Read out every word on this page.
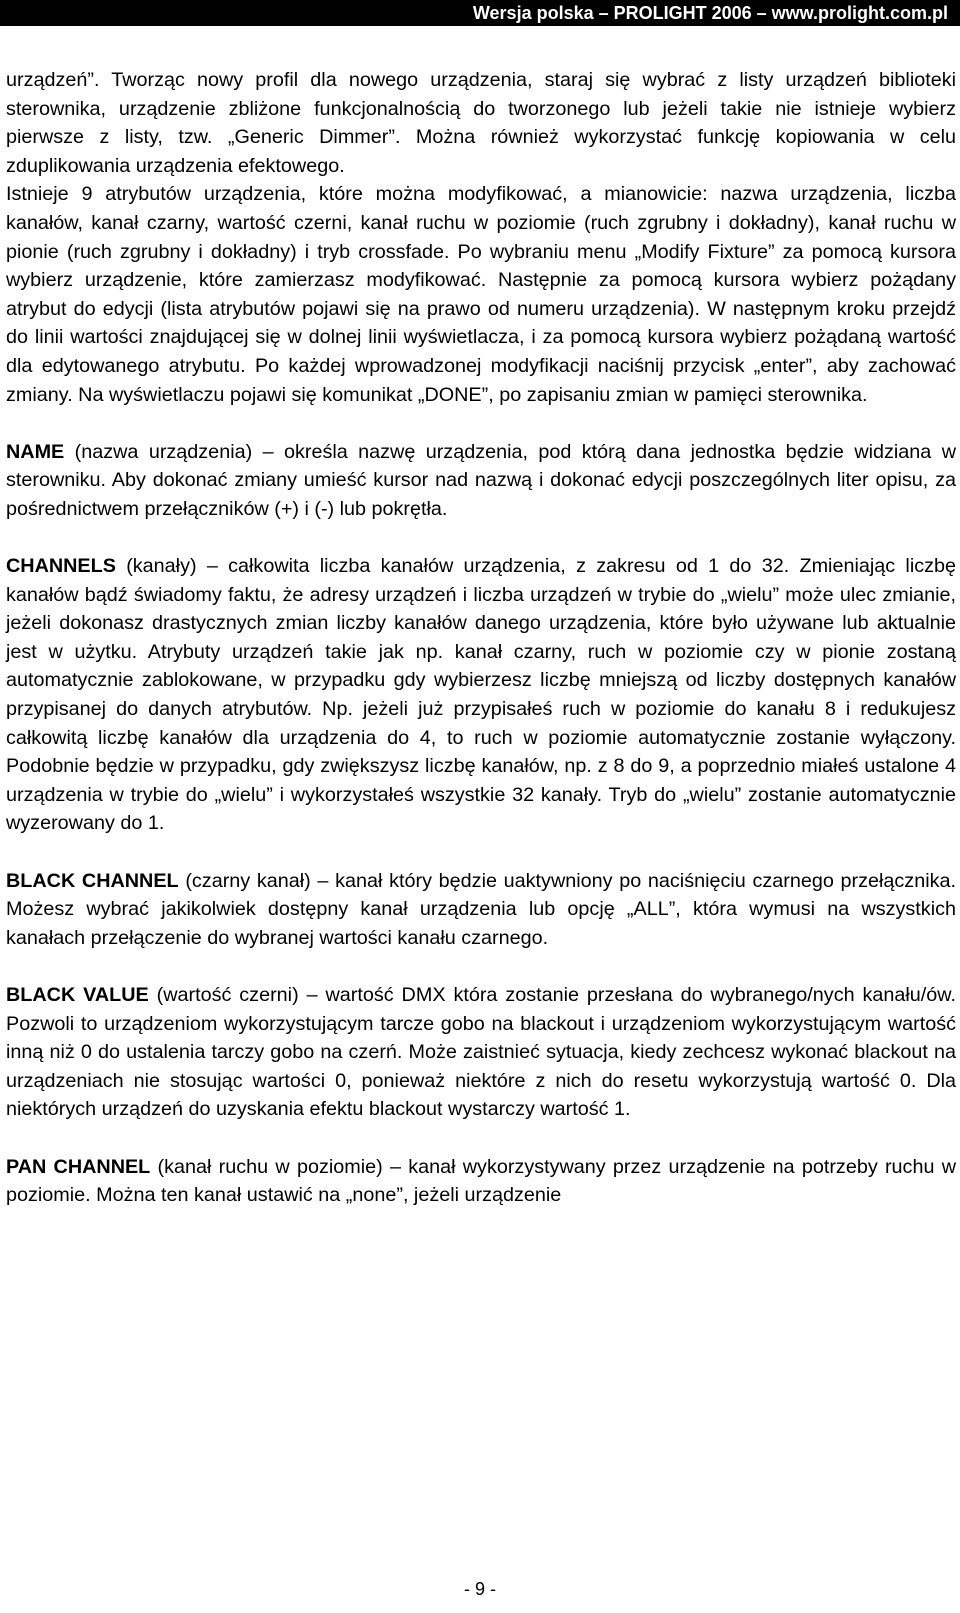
Wersja polska – PROLIGHT 2006 – www.prolight.com.pl

urządzeń”. Tworząc nowy profil dla nowego urządzenia, staraj się wybrać z listy urządzeń biblioteki sterownika, urządzenie zbliżone funkcjonalnością do tworzonego lub jeżeli takie nie istnieje wybierz pierwsze z listy, tzw. „Generic Dimmer”. Można również wykorzystać funkcję kopiowania w celu zduplikowania urządzenia efektowego.

Istnieje 9 atrybutów urządzenia, które można modyfikować, a mianowicie: nazwa urządzenia, liczba kanałów, kanał czarny, wartość czerni, kanał ruchu w poziomie (ruch zgrubny i dokładny), kanał ruchu w pionie (ruch zgrubny i dokładny) i tryb crossfade. Po wybraniu menu „Modify Fixture” za pomocą kursora wybierz urządzenie, które zamierzasz modyfikować. Następnie za pomocą kursora wybierz pożądany atrybut do edycji (lista atrybutów pojawi się na prawo od numeru urządzenia). W następnym kroku przejdź do linii wartości znajdującej się w dolnej linii wyświetlacza, i za pomocą kursora wybierz pożądaną wartość dla edytowanego atrybutu. Po każdej wprowadzonej modyfikacji naciśnij przycisk „enter”, aby zachować zmiany. Na wyświetlaczu pojawi się komunikat „DONE”, po zapisaniu zmian w pamięci sterownika.

NAME (nazwa urządzenia) – określa nazwę urządzenia, pod którą dana jednostka będzie widziana w sterowniku. Aby dokonać zmiany umieść kursor nad nazwą i dokonać edycji poszczególnych liter opisu, za pośrednictwem przełączników (+) i (-) lub pokrętła.

CHANNELS (kanały) – całkowita liczba kanałów urządzenia, z zakresu od 1 do 32. Zmieniając liczbę kanałów bądź świadomy faktu, że adresy urządzeń i liczba urządzeń w trybie do „wielu” może ulec zmianie, jeżeli dokonasz drastycznych zmian liczby kanałów danego urządzenia, które było używane lub aktualnie jest w użytku. Atrybuty urządzeń takie jak np. kanał czarny, ruch w poziomie czy w pionie zostaną automatycznie zablokowane, w przypadku gdy wybierzesz liczbę mniejszą od liczby dostępnych kanałów przypisanej do danych atrybutów. Np. jeżeli już przypisałeś ruch w poziomie do kanału 8 i redukujesz całkowitą liczbę kanałów dla urządzenia do 4, to ruch w poziomie automatycznie zostanie wyłączony. Podobnie będzie w przypadku, gdy zwiększysz liczbę kanałów, np. z 8 do 9, a poprzednio miałeś ustalone 4 urządzenia w trybie do „wielu” i wykorzystałeś wszystkie 32 kanały. Tryb do „wielu” zostanie automatycznie wyzerowany do 1.

BLACK CHANNEL (czarny kanał) – kanał który będzie uaktywniony po naciśnięciu czarnego przełącznika. Możesz wybrać jakikolwiek dostępny kanał urządzenia lub opcję „ALL”, która wymusi na wszystkich kanałach przełączenie do wybranej wartości kanału czarnego.

BLACK VALUE (wartość czerni) – wartość DMX która zostanie przesłana do wybranego/nych kanału/ów. Pozwoli to urządzeniom wykorzystującym tarcze gobo na blackout i urządzeniom wykorzystującym wartość inną niż 0 do ustalenia tarczy gobo na czerń. Może zaistnieć sytuacja, kiedy zechcesz wykonać blackout na urządzeniach nie stosując wartości 0, ponieważ niektóre z nich do resetu wykorzystują wartość 0. Dla niektórych urządzeń do uzyskania efektu blackout wystarczy wartość 1.

PAN CHANNEL (kanał ruchu w poziomie) – kanał wykorzystywany przez urządzenie na potrzeby ruchu w poziomie. Można ten kanał ustawić na „none”, jeżeli urządzenie

- 9 -
